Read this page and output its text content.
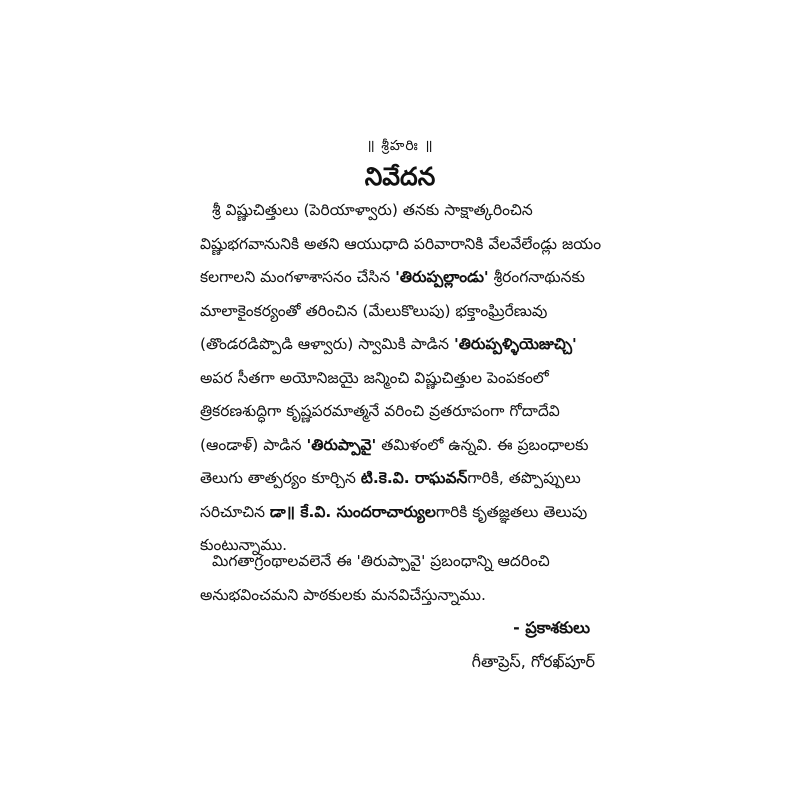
॥ శ్రీహరిః ॥
నివేదన
శ్రీ విష్ణుచిత్తులు (పెరియాళ్వారు) తనకు సాక్షాత్కరించిన
విష్ణుభగవానునికి అతని ఆయుధాది పరివారానికి వేలవేలేండ్లు జయం
కలగాలని మంగళాశాసనం చేసిన 'తిరుప్పల్లాండు' శ్రీరంగనాథునకు
మాలాకైంకర్యంతో తరించిన (మేలుకొలుపు) భక్తాంఘ్రిరేణువు
(తొండరడిప్పొడి ఆళ్వారు) స్వామికి పాడిన 'తిరుప్పళ్ళియెజుచ్చి'
అపర సీతగా అయోనిజయై జన్మించి విష్ణుచిత్తుల పెంపకంలో
త్రికరణశుద్ధిగా కృష్ణపరమాత్మనే వరించి వ్రతరూపంగా గోదాదేవి
(ఆండాళ్) పాడిన 'తిరుప్పావై' తమిళంలో ఉన్నవి. ఈ ప్రబంధాలకు
తెలుగు తాత్పర్యం కూర్చిన టి.కె.వి. రాఘవన్గారికి, తప్పొప్పులు
సరిచూచిన డా॥ కే.వి. సుందరాచార్యులగారికి కృతజ్ఞతలు తెలుపు
కుంటున్నాము.
మిగతాగ్రంథాలవలెనే ఈ 'తిరుప్పావై' ప్రబంధాన్ని ఆదరించి
అనుభవించమని పాఠకులకు మనవిచేస్తున్నాము.
- ప్రకాశకులు
గీతాప్రెస్, గోరఖ్‌పూర్
